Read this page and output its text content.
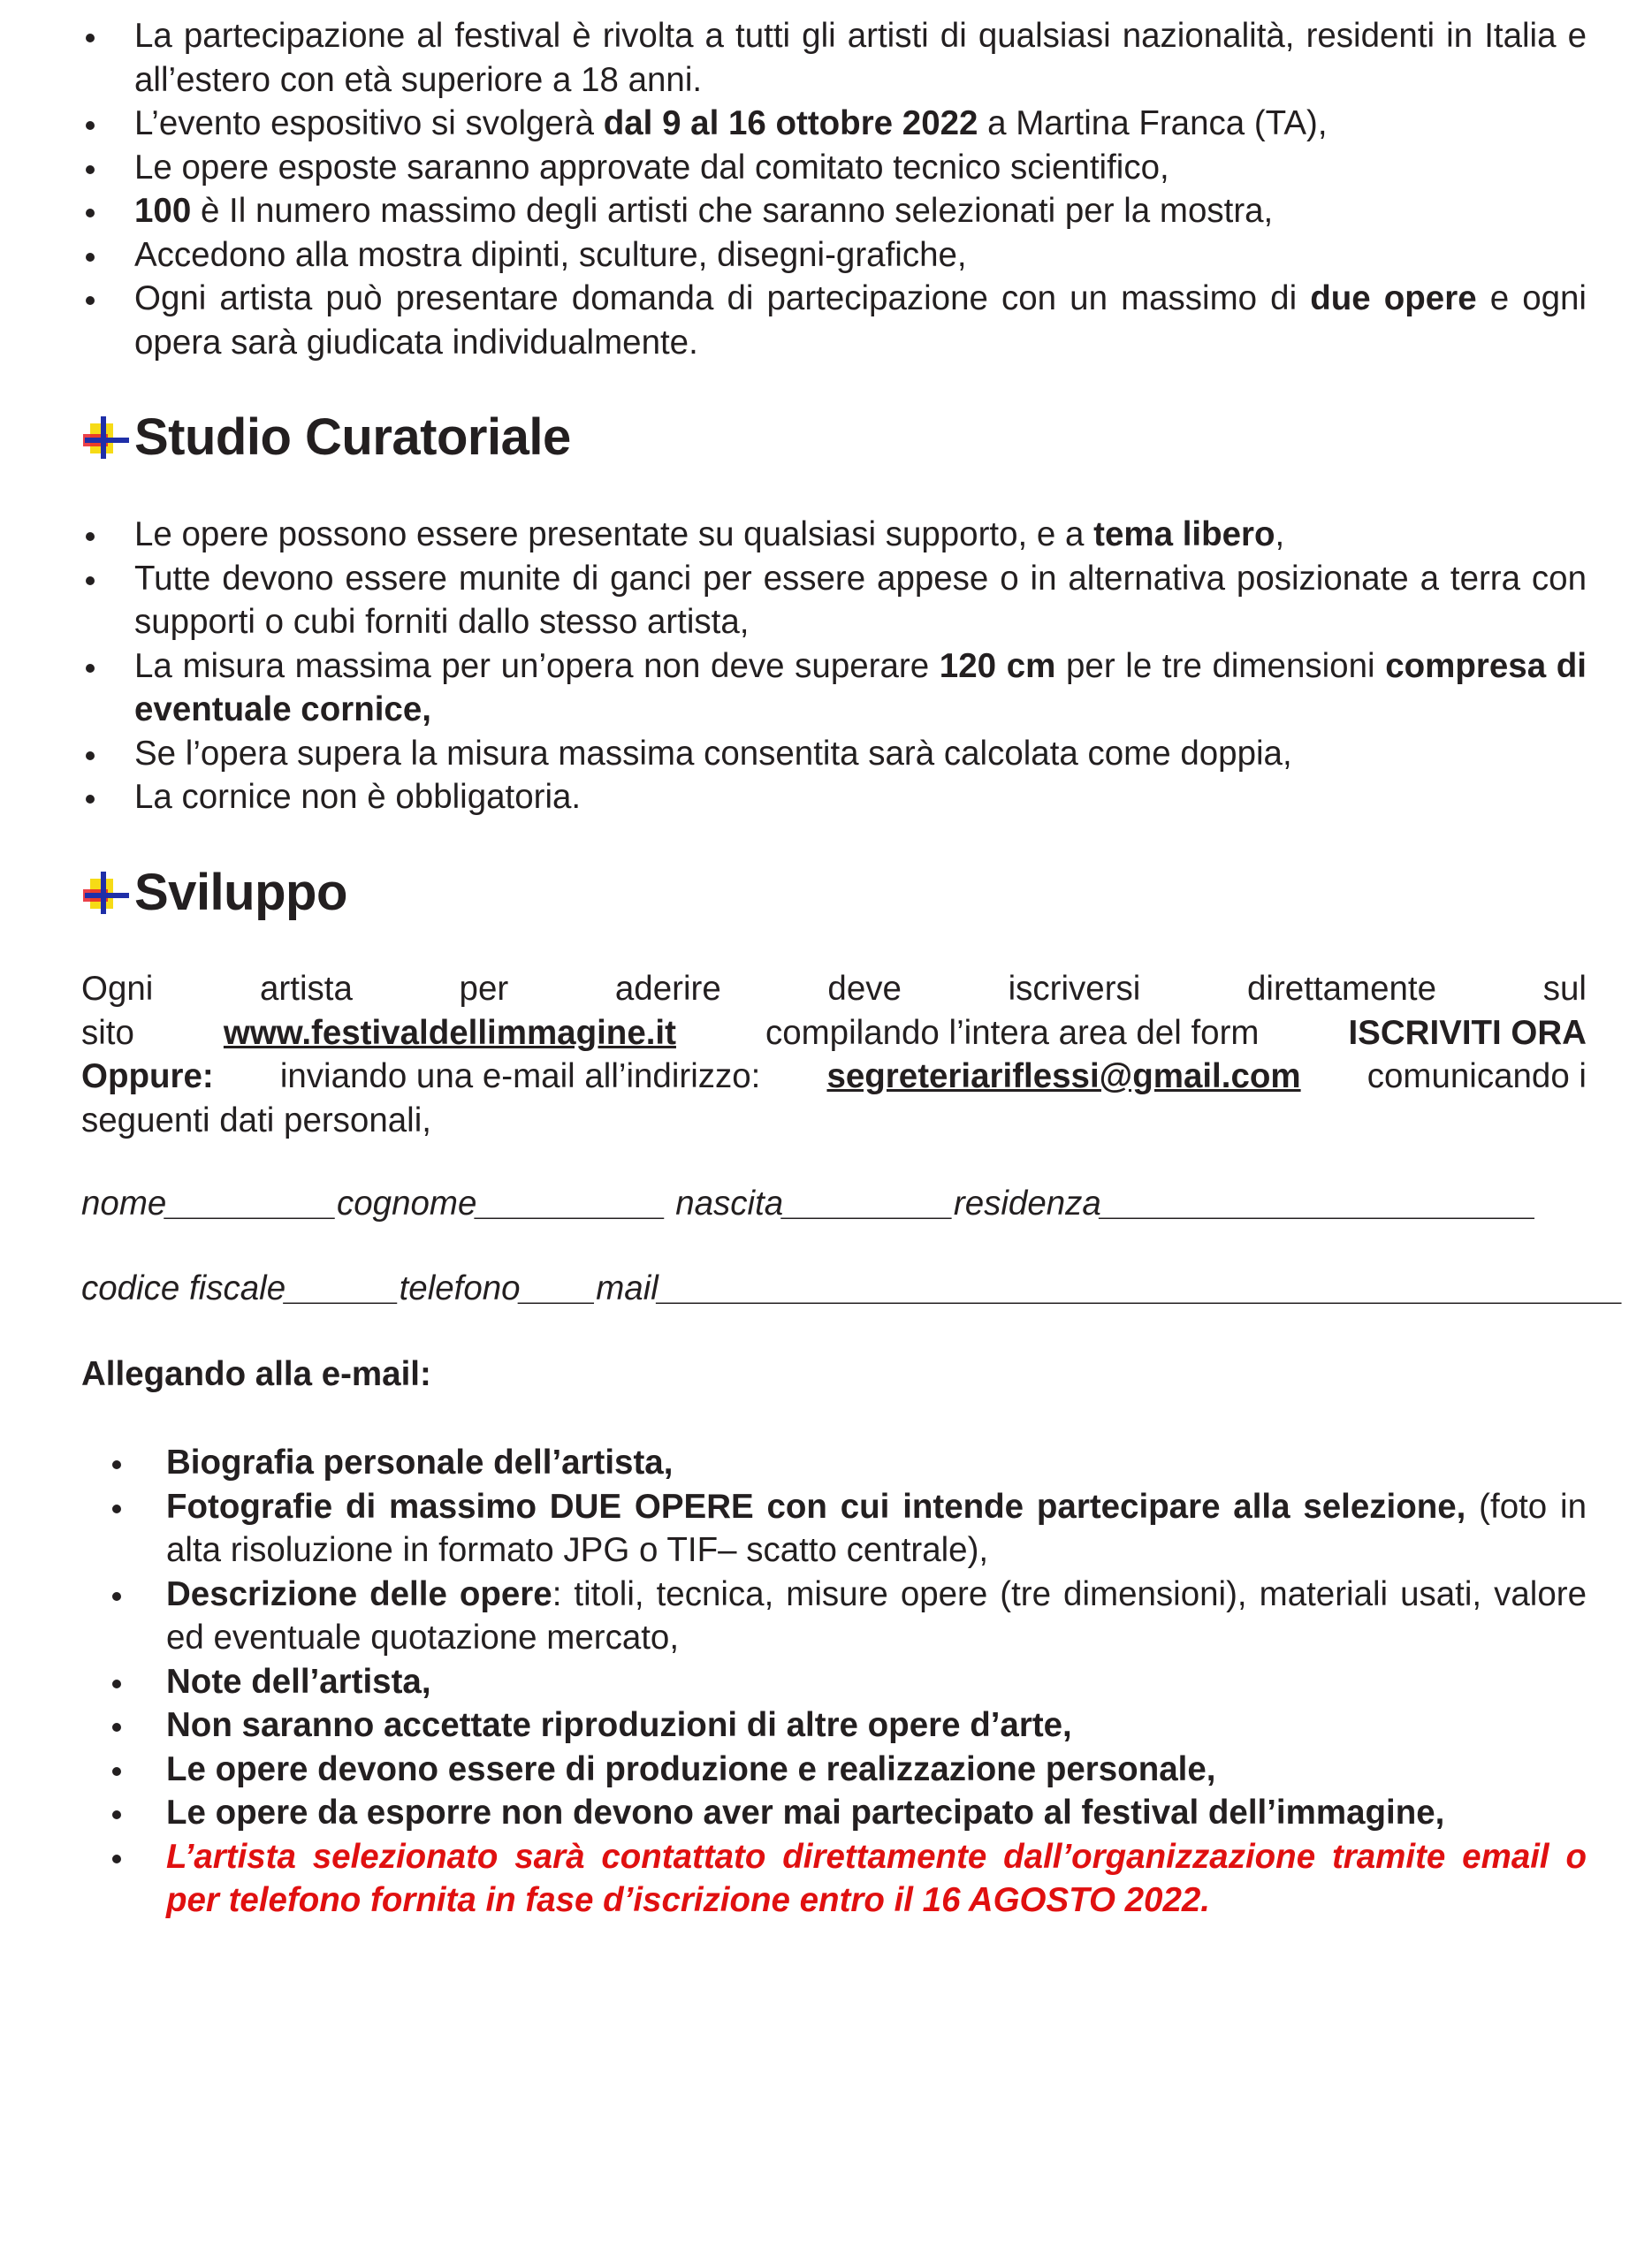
La partecipazione al festival è rivolta a tutti gli artisti di qualsiasi nazionalità, residenti in Italia e all’estero con età superiore a 18 anni.
L’evento espositivo si svolgerà dal 9 al 16 ottobre 2022 a Martina Franca (TA),
Le opere esposte saranno approvate dal comitato tecnico scientifico,
100 è Il numero massimo degli artisti che saranno selezionati per la mostra,
Accedono alla mostra dipinti, sculture, disegni-grafiche,
Ogni artista può presentare domanda di partecipazione con un massimo di due opere e ogni opera sarà giudicata individualmente.
Studio Curatoriale
Le opere possono essere presentate su qualsiasi supporto, e a tema libero,
Tutte devono essere munite di ganci per essere appese o in alternativa posizionate a terra con supporti o cubi forniti dallo stesso artista,
La misura massima per un’opera non deve superare 120 cm per le tre dimensioni compresa di eventuale cornice,
Se l’opera supera la misura massima consentita sarà calcolata come doppia,
La cornice non è obbligatoria.
Sviluppo
Ogni	artista	per	aderire	deve	iscriversi	direttamente	sul
sito	www.festivaldellimmagine.it	compilando l’intera area del form	ISCRIVITI ORA
Oppure: inviando una e-mail all’indirizzo: segreteriariflessi@gmail.com comunicando i
seguenti dati personali,
nome_________cognome__________ nascita_________residenza_______________________
codice fiscale______telefono____mail___________________________________________________
Allegando alla e-mail:
Biografia personale dell’artista,
Fotografie di massimo DUE OPERE con cui intende partecipare alla selezione, (foto in alta risoluzione in formato JPG o TIF– scatto centrale),
Descrizione delle opere: titoli, tecnica, misure opere (tre dimensioni), materiali usati, valore ed eventuale quotazione mercato,
Note dell’artista,
Non saranno accettate riproduzioni di altre opere d’arte,
Le opere devono essere di produzione e realizzazione personale,
Le opere da esporre non devono aver mai partecipato al festival dell’immagine,
L’artista selezionato sarà contattato direttamente dall’organizzazione tramite email o per telefono fornita in fase d’iscrizione entro il 16 AGOSTO 2022.
